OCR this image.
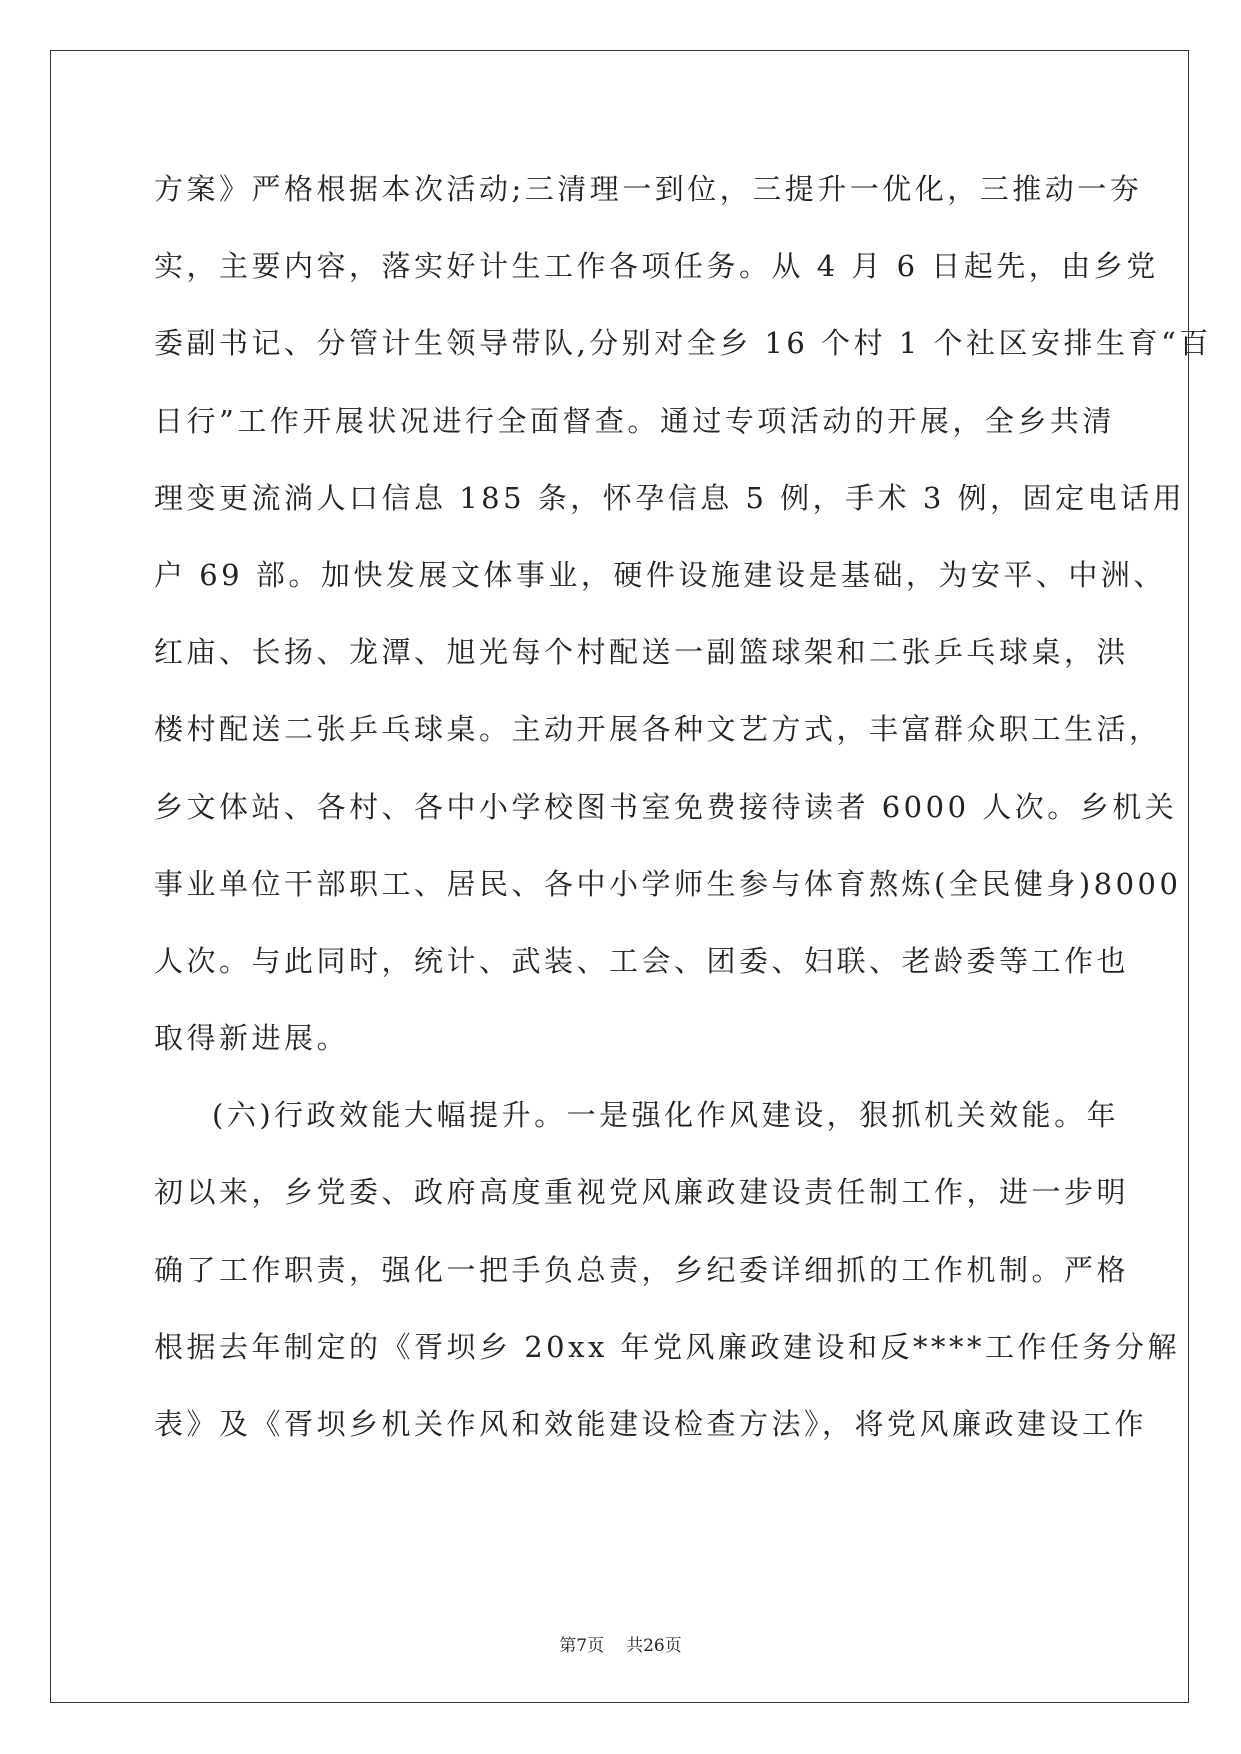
方案》严格根据本次活动;三清理一到位，三提升一优化，三推动一夯
实，主要内容，落实好计生工作各项任务。从 4 月 6 日起先，由乡党
委副书记、分管计生领导带队,分别对全乡 16 个村 1 个社区安排生育“百
日行”工作开展状况进行全面督查。通过专项活动的开展，全乡共清
理变更流淌人口信息 185 条，怀孕信息 5 例，手术 3 例，固定电话用
户 69 部。加快发展文体事业，硬件设施建设是基础，为安平、中洲、
红庙、长扬、龙潭、旭光每个村配送一副篮球架和二张乒乓球桌，洪
楼村配送二张乒乓球桌。主动开展各种文艺方式，丰富群众职工生活，
乡文体站、各村、各中小学校图书室免费接待读者 6000 人次。乡机关
事业单位干部职工、居民、各中小学师生参与体育熬炼(全民健身)8000
人次。与此同时，统计、武装、工会、团委、妇联、老龄委等工作也
取得新进展。
(六)行政效能大幅提升。一是强化作风建设，狠抓机关效能。年
初以来，乡党委、政府高度重视党风廉政建设责任制工作，进一步明
确了工作职责，强化一把手负总责，乡纪委详细抓的工作机制。严格
根据去年制定的《胥坝乡 20xx 年党风廉政建设和反****工作任务分解
表》及《胥坝乡机关作风和效能建设检查方法》，将党风廉政建设工作
第7页 共26页
